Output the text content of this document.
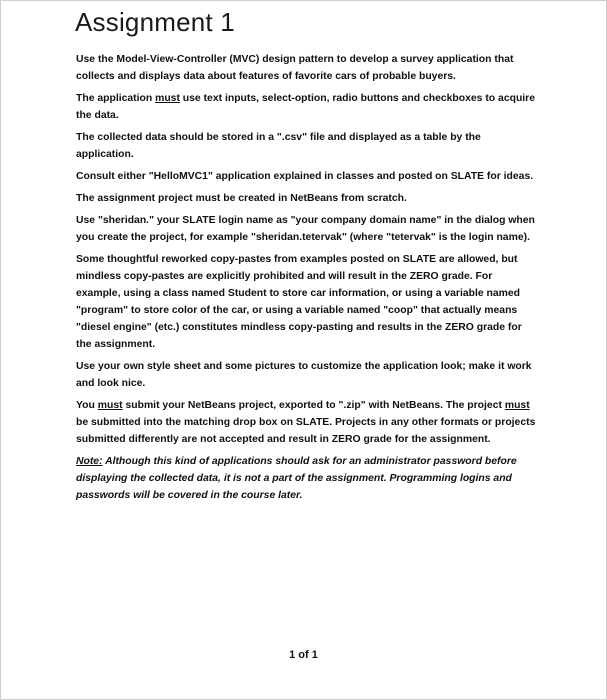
Assignment 1

Use the Model-View-Controller (MVC) design pattern to develop a survey application that collects and displays data about features of favorite cars of probable buyers.

The application must use text inputs, select-option, radio buttons and checkboxes to acquire the data.

The collected data should be stored in a ".csv" file and displayed as a table by the application.

Consult either "HelloMVC1" application explained in classes and posted on SLATE for ideas.

The assignment project must be created in NetBeans from scratch.

Use "sheridan." your SLATE login name as "your company domain name" in the dialog when you create the project, for example "sheridan.tetervak" (where "tetervak" is the login name).

Some thoughtful reworked copy-pastes from examples posted on SLATE are allowed, but mindless copy-pastes are explicitly prohibited and will result in the ZERO grade. For example, using a class named Student to store car information, or using a variable named "program" to store color of the car, or using a variable named "coop" that actually means "diesel engine" (etc.) constitutes mindless copy-pasting and results in the ZERO grade for the assignment.

Use your own style sheet and some pictures to customize the application look; make it work and look nice.

You must submit your NetBeans project, exported to ".zip" with NetBeans. The project must be submitted into the matching drop box on SLATE. Projects in any other formats or projects submitted differently are not accepted and result in ZERO grade for the assignment.

Note: Although this kind of applications should ask for an administrator password before displaying the collected data, it is not a part of the assignment. Programming logins and passwords will be covered in the course later.

1 of 1
